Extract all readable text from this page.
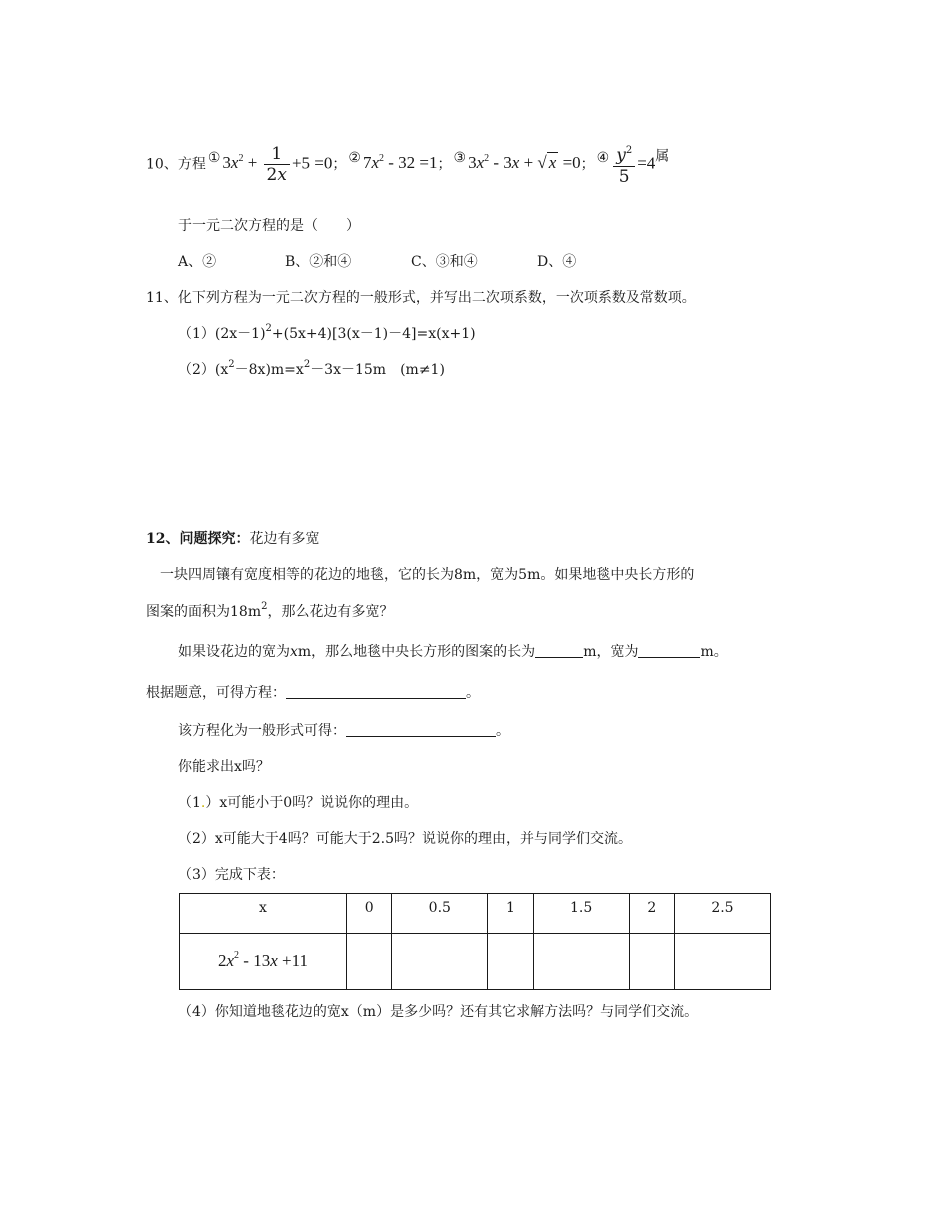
10、方程 ① $3x^2 + \frac{1}{2x} +5 =0$； ② $7x^2 - 32 =1$； ③ $3x^2 - 3x$ + √ x =0； ④ $\frac{y^2}{5} =4$属
于一元二次方程的是（　　）
A、②	B、②和④	C、③和④	D、④
11、化下列方程为一元二次方程的一般形式，并写出二次项系数，一次项系数及常数项。
$(1)(2x-1)^2+(5x+4)[3(x-1)-4]=x(x+1)$
$(2)(x^2-8x)m=x^2-3x-15m$　(m≠1)
12、问题探究：花边有多宽
一块四周镶有宽度相等的花边的地毯，它的长为8m，宽为5m。如果地毯中央长方形的
图案的面积为$18m^2$，那么花边有多宽？
如果设花边的宽为xm，那么地毯中央长方形的图案的长为	m，宽为	m。
根据题意，可得方程：	。
该方程化为一般形式可得：	。
你能求出x吗？
（1.）x可能小于0吗？说说你的理由。
（2）x可能大于4吗？可能大于2.5吗？说说你的理由，并与同学们交流。
（3）完成下表：
x	0	0.5	1	1.5	2	2.5
$2x^2 - 13x +11$						
（4）你知道地毯花边的宽x（m）是多少吗？还有其它求解方法吗？与同学们交流。
